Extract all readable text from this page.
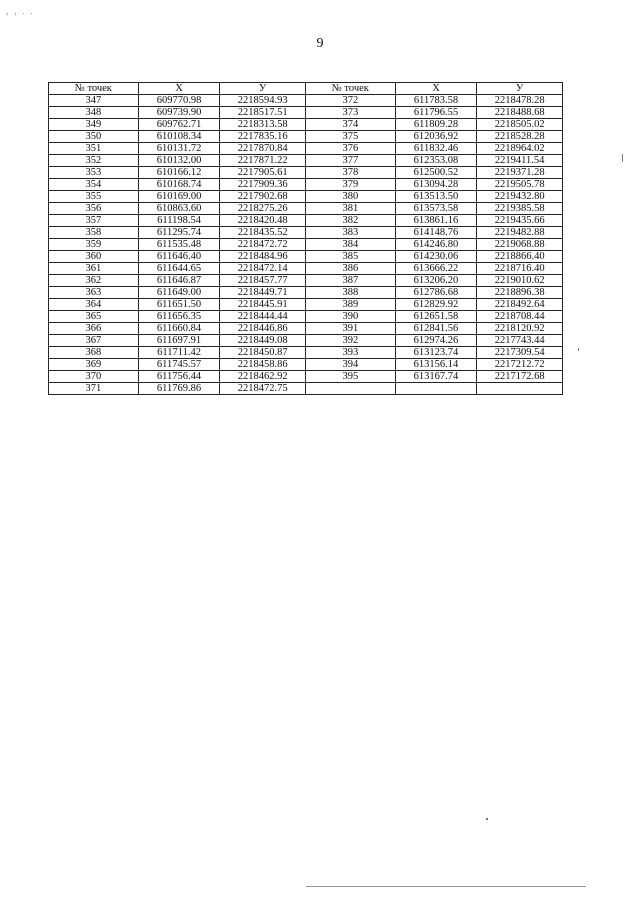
‹ ‹ · ·
9
№ точек	X	У	№ точек	X	У
347	609770.98	2218594.93	372	611783.58	2218478.28
348	609739.90	2218517.51	373	611796.55	2218488.68
349	609762.71	2218313.58	374	611809.28	2218505.02
350	610108.34	2217835.16	375	612036.92	2218528.28
351	610131.72	2217870.84	376	611832.46	2218964.02
352	610132.00	2217871.22	377	612353.08	2219411.54
353	610166.12	2217905.61	378	612500.52	2219371.28
354	610168.74	2217909.36	379	613094.28	2219505.78
355	610169.00	2217902.68	380	613513.50	2219432.80
356	610863.60	2218275.26	381	613573.58	2219385.58
357	611198.54	2218420.48	382	613861.16	2219435.66
358	611295.74	2218435.52	383	614148.76	2219482.88
359	611535.48	2218472.72	384	614246.80	2219068.88
360	611646.40	2218484.96	385	614230.06	2218866.40
361	611644.65	2218472.14	386	613666.22	2218716.40
362	611646.87	2218457.77	387	613206.20	2219010.62
363	611649.00	2218449.71	388	612786.68	2218896.38
364	611651.50	2218445.91	389	612829.92	2218492.64
365	611656.35	2218444.44	390	612651.58	2218708.44
366	611660.84	2218446.86	391	612841.56	2218120.92
367	611697.91	2218449.08	392	612974.26	2217743.44
368	611711.42	2218450.87	393	613123.74	2217309.54
369	611745.57	2218458.86	394	613156.14	2217212.72
370	611756.44	2218462.92	395	613167.74	2217172.68
371	611769.86	2218472.75			
